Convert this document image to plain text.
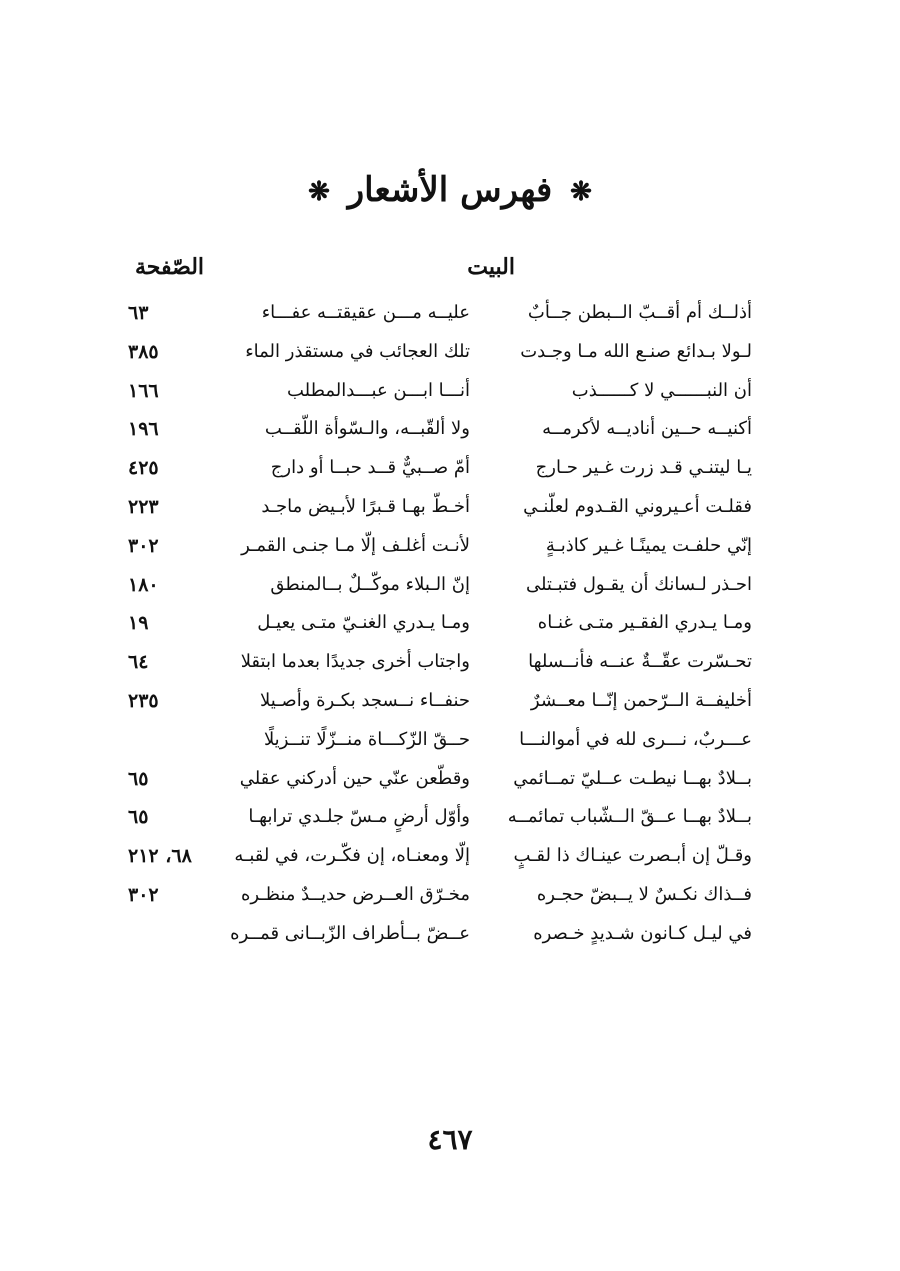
❋ فهرس الأشعار ❋
البيت
الصّفحة
أذلــك أم أقــبّ الــبطن جــأبٌ
عليــه مـــن عقيقتــه عفـــاء
٦٣
لـولا بـدائع صنـع الله مـا وجـدت
تلك العجائب في مستقذر الماء
٣٨٥
أن النبــــــي لا كــــــذب
أنـــا ابـــن عبـــدالمطلب
١٦٦
أكنيــه حــين أناديــه لأكرمــه
ولا ألقّبــه، والـسّوأة اللّقــب
١٩٦
يـا ليتنـي قـد زرت غـير حـارج
أمّ صــبيٌّ قــد حبــا أو دارج
٤٢٥
فقلـت أعـيروني القـدوم لعلّنـي
أخـطّ بهـا قـبرًا لأبـيض ماجـد
٢٢٣
إنّي حلفـت يمينًـا غـير كاذبـةٍ
لأنـت أغلـف إلّا مـا جنـى القمـر
٣٠٢
احـذر لـسانك أن يقـول فتبـتلى
إنّ الـبلاء موكّــلٌ بــالمنطق
١٨٠
ومـا يـدري الفقـير متـى غنـاه
ومـا يـدري الغنـيّ متـى يعيـل
١٩
تحـسّرت عقّــةٌ عنــه فأنــسلها
واجتاب أخرى جديدًا بعدما ابتقلا
٦٤
أخليفــة الــرّحمن إنّــا معــشرٌ
حنفــاء نــسجد بكـرة وأصـيلا
٢٣٥
عـــربٌ، نـــرى لله في أموالنـــا
حــقّ الزّكـــاة منــزّلًا تنــزيلًا
بــلادٌ بهــا نيطـت عــليّ تمــائمي
وقطّعن عنّي حين أدركني عقلي
٦٥
بــلادٌ بهــا عــقّ الــشّباب تمائمــه
وأوّل أرضٍ مـسّ جلـدي ترابهـا
٦٥
وقـلّ إن أبـصرت عينـاك ذا لقـبٍ
إلّا ومعنـاه، إن فكّـرت، في لقبـه
٦٨، ٢١٢
فــذاك نكـسٌ لا يــبضّ حجـره
مخـرّق العــرض حديــدٌ منظـره
٣٠٢
في ليـل كـانون شـديدٍ خـصره
عــضّ بــأطراف الزّبــانى قمــره
٤٦٧
